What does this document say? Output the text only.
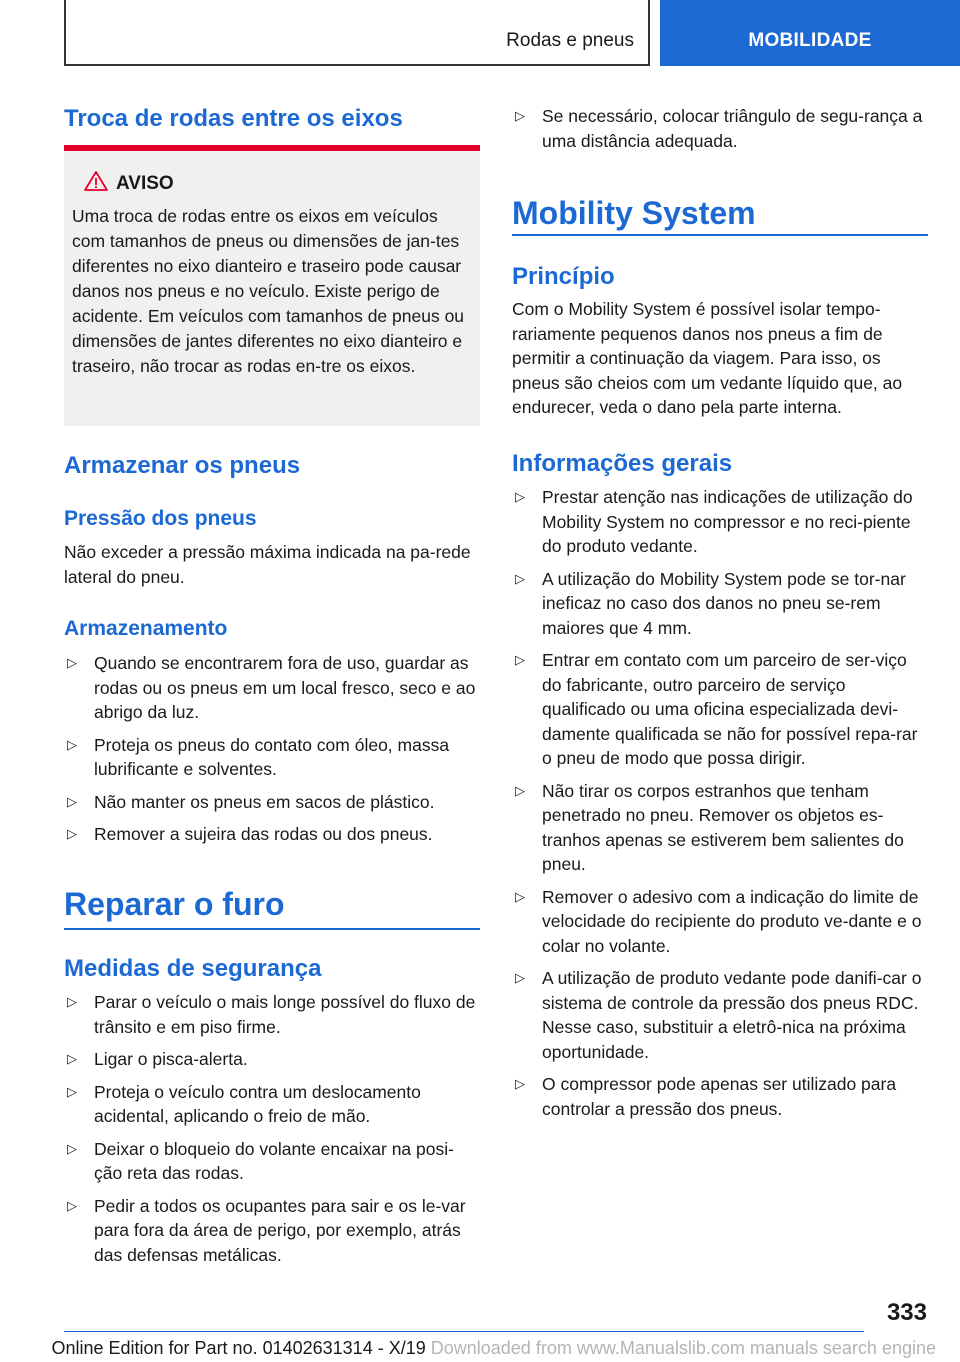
Rodas e pneus	MOBILIDADE
Troca de rodas entre os eixos
AVISO

Uma troca de rodas entre os eixos em veículos com tamanhos de pneus ou dimensões de jan-tes diferentes no eixo dianteiro e traseiro pode causar danos nos pneus e no veículo. Existe perigo de acidente. Em veículos com tamanhos de pneus ou dimensões de jantes diferentes no eixo dianteiro e traseiro, não trocar as rodas en-tre os eixos.

Armazenar os pneus
Pressão dos pneus

Não exceder a pressão máxima indicada na pa-rede lateral do pneu.

Armazenamento
▷ Quando se encontrarem fora de uso, guardar as rodas ou os pneus em um local fresco, seco e ao abrigo da luz.
▷ Proteja os pneus do contato com óleo, massa lubrificante e solventes.
▷ Não manter os pneus em sacos de plástico.
▷ Remover a sujeira das rodas ou dos pneus.
Reparar o furo
Medidas de segurança
▷ Parar o veículo o mais longe possível do fluxo de trânsito e em piso firme.
▷ Ligar o pisca-alerta.
▷ Proteja o veículo contra um deslocamento acidental, aplicando o freio de mão.
▷ Deixar o bloqueio do volante encaixar na posi-ção reta das rodas.
▷ Pedir a todos os ocupantes para sair e os le-var para fora da área de perigo, por exemplo, atrás das defensas metálicas.
▷ Se necessário, colocar triângulo de segu-rança a uma distância adequada.
Mobility System
Princípio

Com o Mobility System é possível isolar tempo-rariamente pequenos danos nos pneus a fim de permitir a continuação da viagem. Para isso, os pneus são cheios com um vedante líquido que, ao endurecer, veda o dano pela parte interna.

Informações gerais
▷ Prestar atenção nas indicações de utilização do Mobility System no compressor e no reci-piente do produto vedante.
▷ A utilização do Mobility System pode se tor-nar ineficaz no caso dos danos no pneu se-rem maiores que 4 mm.
▷ Entrar em contato com um parceiro de ser-viço do fabricante, outro parceiro de serviço qualificado ou uma oficina especializada devi-damente qualificada se não for possível repa-rar o pneu de modo que possa dirigir.
▷ Não tirar os corpos estranhos que tenham penetrado no pneu. Remover os objetos es-tranhos apenas se estiverem bem salientes do pneu.
▷ Remover o adesivo com a indicação do limite de velocidade do recipiente do produto ve-dante e o colar no volante.
▷ A utilização de produto vedante pode danifi-car o sistema de controle da pressão dos pneus RDC. Nesse caso, substituir a eletrô-nica na próxima oportunidade.
▷ O compressor pode apenas ser utilizado para controlar a pressão dos pneus.
333
Online Edition for Part no. 01402631314 - X/19 Downloaded from www.Manualslib.com manuals search engine
